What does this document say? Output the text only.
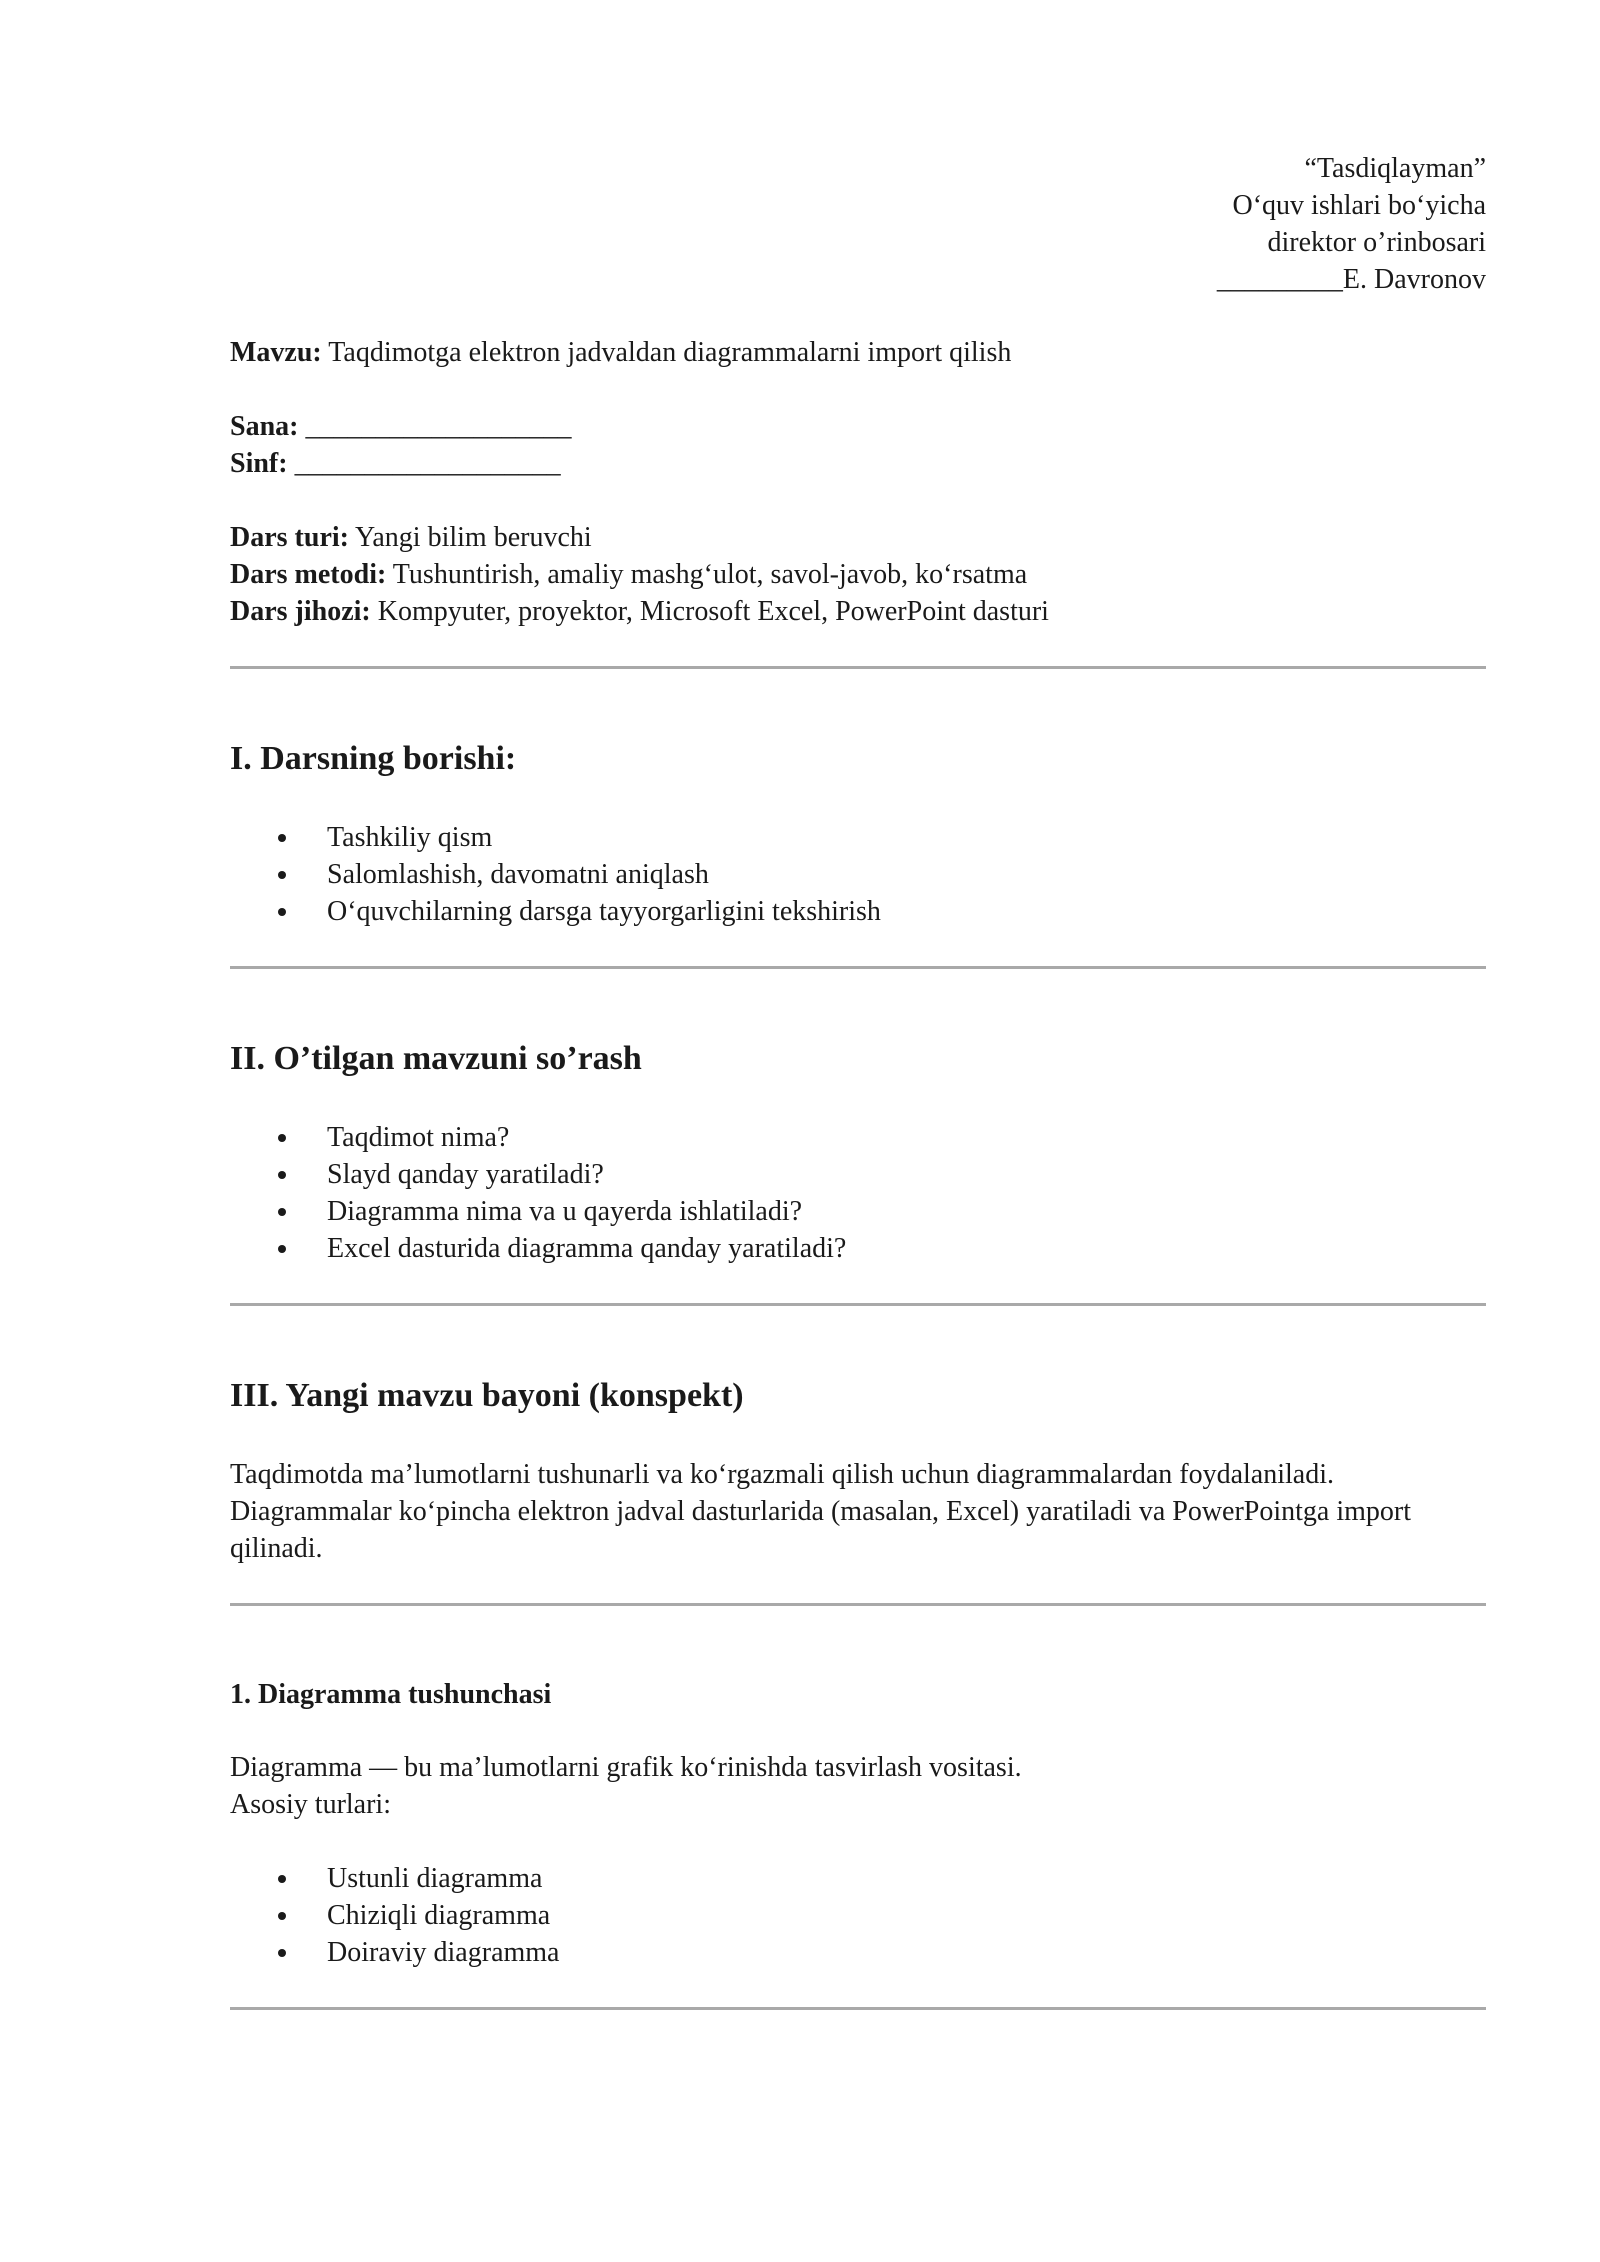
“Tasdiqlayman”
O‘quv ishlari bo‘yicha
direktor o’rinbosari
_________E. Davronov
Mavzu: Taqdimotga elektron jadvaldan diagrammalarni import qilish
Sana: ___________________
Sinf: ___________________
Dars turi: Yangi bilim beruvchi
Dars metodi: Tushuntirish, amaliy mashg‘ulot, savol-javob, ko‘rsatma
Dars jihozi: Kompyuter, proyektor, Microsoft Excel, PowerPoint dasturi
I. Darsning borishi:
Tashkiliy qism
Salomlashish, davomatni aniqlash
O‘quvchilarning darsga tayyorgarligini tekshirish
II. O’tilgan mavzuni so’rash
Taqdimot nima?
Slayd qanday yaratiladi?
Diagramma nima va u qayerda ishlatiladi?
Excel dasturida diagramma qanday yaratiladi?
III. Yangi mavzu bayoni (konspekt)

Taqdimotda ma’lumotlarni tushunarli va ko‘rgazmali qilish uchun diagrammalardan foydalaniladi. Diagrammalar ko‘pincha elektron jadval dasturlarida (masalan, Excel) yaratiladi va PowerPointga import qilinadi.

1. Diagramma tushunchasi

Diagramma — bu ma’lumotlarni grafik ko‘rinishda tasvirlash vositasi.

Asosiy turlari:

Ustunli diagramma
Chiziqli diagramma
Doiraviy diagramma
